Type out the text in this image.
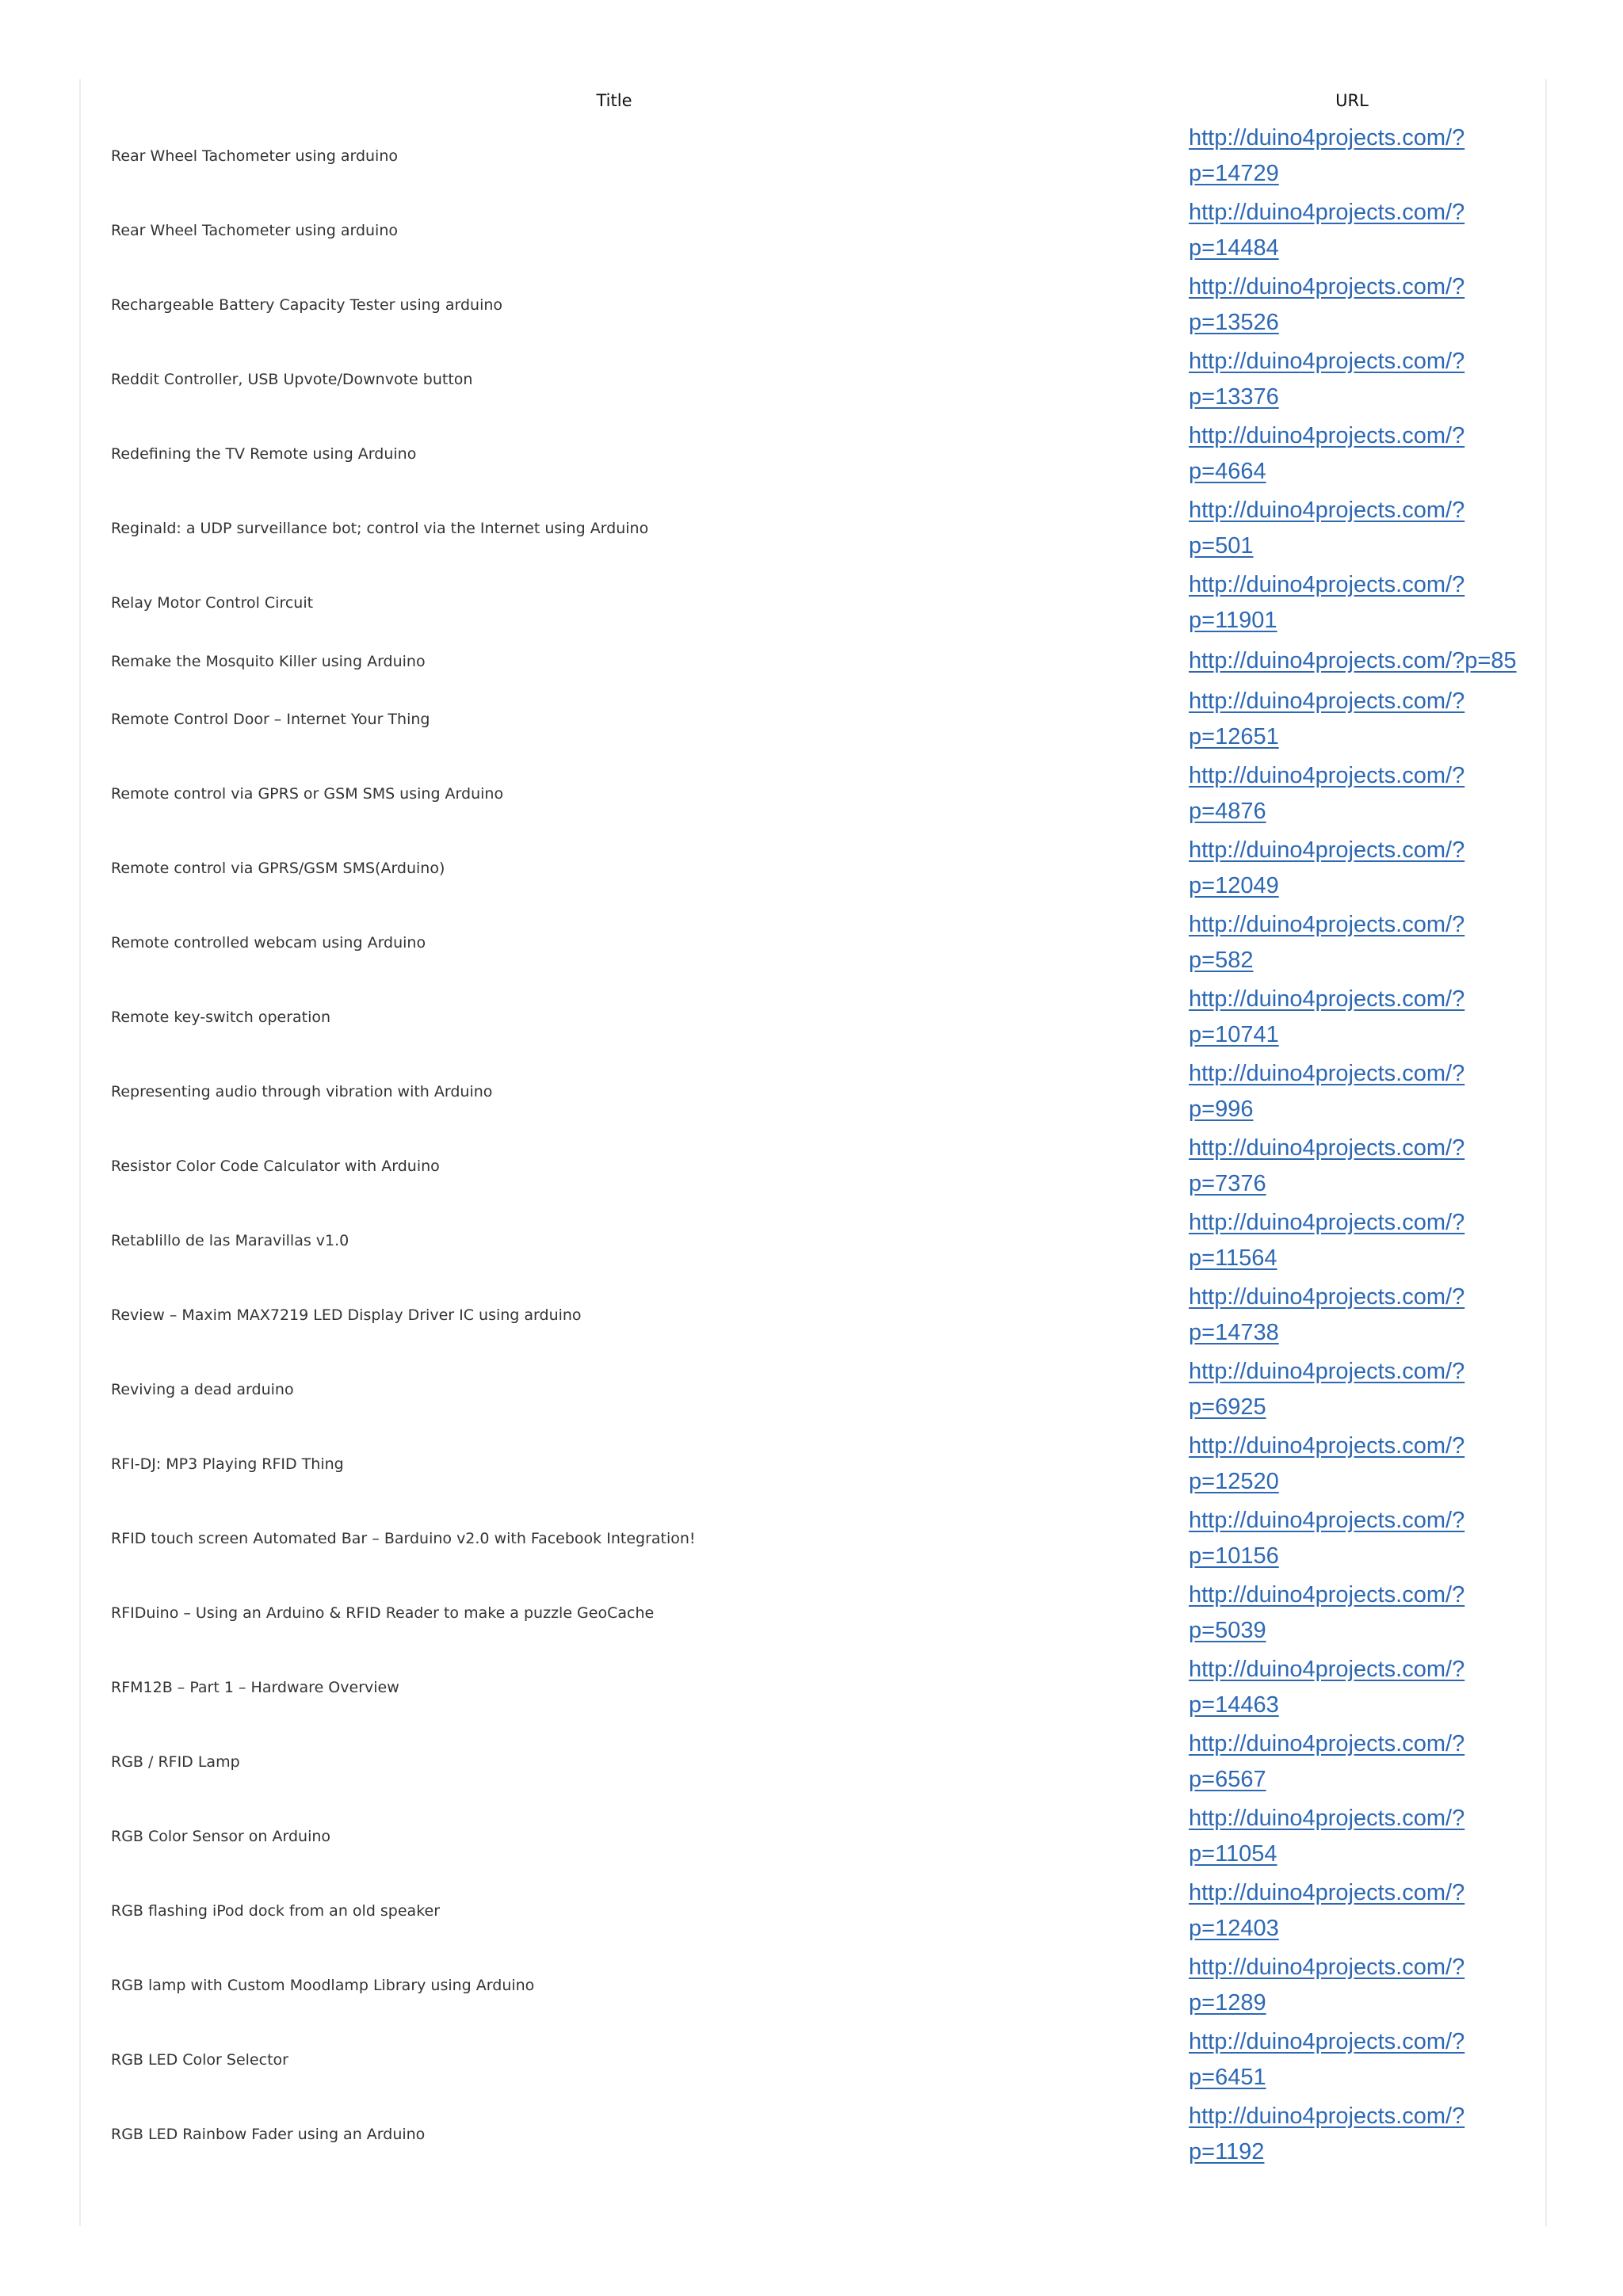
Title	URL
Rear Wheel Tachometer using arduino	http://duino4projects.com/?
p=14729
Rear Wheel Tachometer using arduino	http://duino4projects.com/?
p=14484
Rechargeable Battery Capacity Tester using arduino	http://duino4projects.com/?
p=13526
Reddit Controller, USB Upvote/Downvote button	http://duino4projects.com/?
p=13376
Redefining the TV Remote using Arduino	http://duino4projects.com/?
p=4664
Reginald: a UDP surveillance bot; control via the Internet using Arduino	http://duino4projects.com/?
p=501
Relay Motor Control Circuit	http://duino4projects.com/?
p=11901
Remake the Mosquito Killer using Arduino	http://duino4projects.com/?p=85
Remote Control Door – Internet Your Thing	http://duino4projects.com/?
p=12651
Remote control via GPRS or GSM SMS using Arduino	http://duino4projects.com/?
p=4876
Remote control via GPRS/GSM SMS(Arduino)	http://duino4projects.com/?
p=12049
Remote controlled webcam using Arduino	http://duino4projects.com/?
p=582
Remote key-switch operation	http://duino4projects.com/?
p=10741
Representing audio through vibration with Arduino	http://duino4projects.com/?
p=996
Resistor Color Code Calculator with Arduino	http://duino4projects.com/?
p=7376
Retablillo de las Maravillas v1.0	http://duino4projects.com/?
p=11564
Review – Maxim MAX7219 LED Display Driver IC using arduino	http://duino4projects.com/?
p=14738
Reviving a dead arduino	http://duino4projects.com/?
p=6925
RFI-DJ: MP3 Playing RFID Thing	http://duino4projects.com/?
p=12520
RFID touch screen Automated Bar – Barduino v2.0 with Facebook Integration!	http://duino4projects.com/?
p=10156
RFIDuino – Using an Arduino & RFID Reader to make a puzzle GeoCache	http://duino4projects.com/?
p=5039
RFM12B – Part 1 – Hardware Overview	http://duino4projects.com/?
p=14463
RGB / RFID Lamp	http://duino4projects.com/?
p=6567
RGB Color Sensor on Arduino	http://duino4projects.com/?
p=11054
RGB flashing iPod dock from an old speaker	http://duino4projects.com/?
p=12403
RGB lamp with Custom Moodlamp Library using Arduino	http://duino4projects.com/?
p=1289
RGB LED Color Selector	http://duino4projects.com/?
p=6451
RGB LED Rainbow Fader using an Arduino	http://duino4projects.com/?
p=1192
